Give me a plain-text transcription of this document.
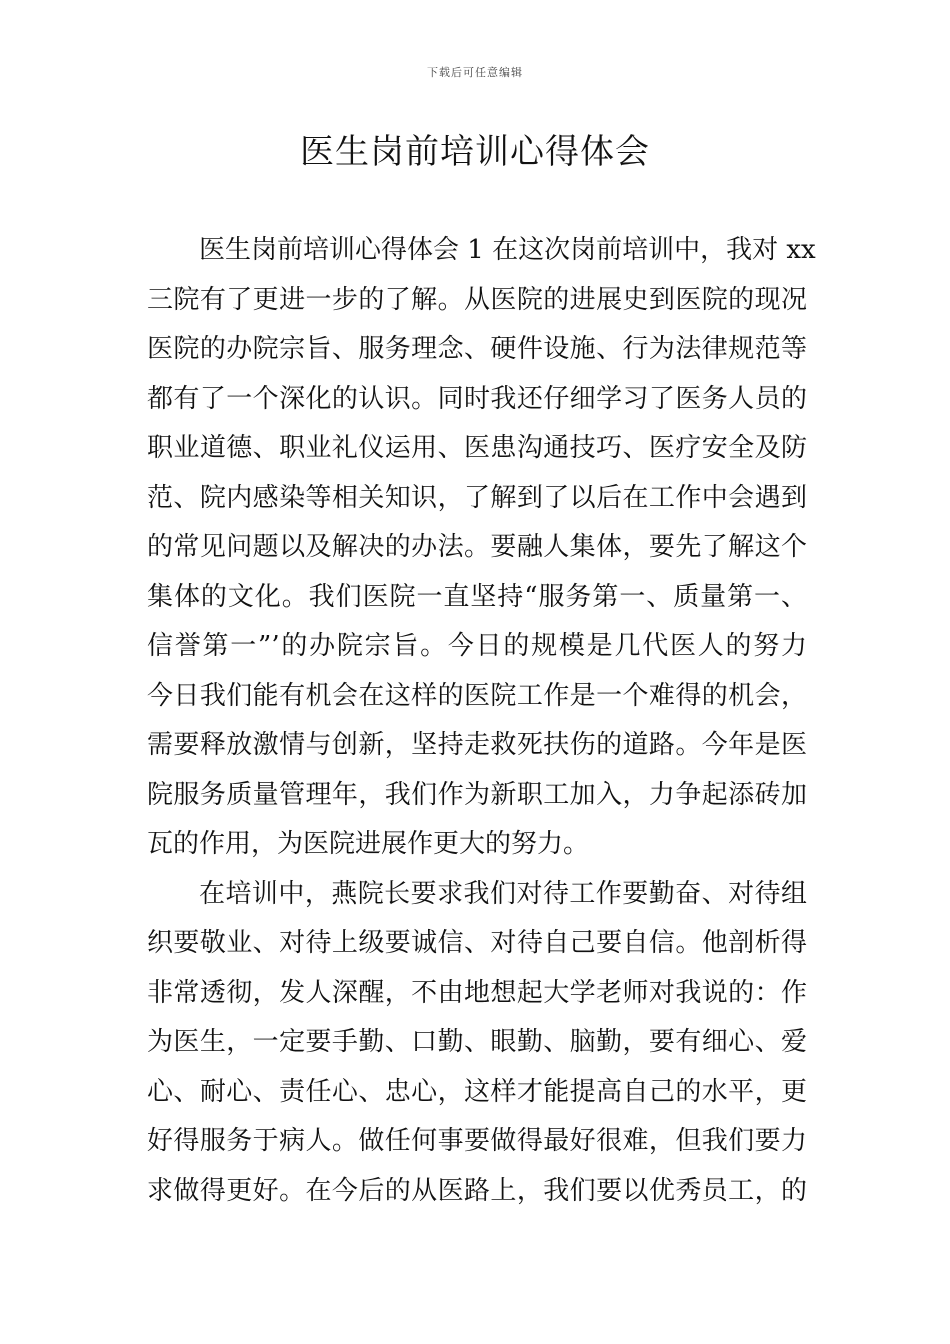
下载后可任意编辑
医生岗前培训心得体会
医生岗前培训心得体会 1 在这次岗前培训中，我对 xx
三院有了更进一步的了解。从医院的进展史到医院的现况
医院的办院宗旨、服务理念、硬件设施、行为法律规范等
都有了一个深化的认识。同时我还仔细学习了医务人员的
职业道德、职业礼仪运用、医患沟通技巧、医疗安全及防
范、院内感染等相关知识，了解到了以后在工作中会遇到
的常见问题以及解决的办法。要融人集体，要先了解这个
集体的文化。我们医院一直坚持“服务第一、质量第一、
信誉第一”’的办院宗旨。今日的规模是几代医人的努力
今日我们能有机会在这样的医院工作是一个难得的机会，
需要释放激情与创新，坚持走救死扶伤的道路。今年是医
院服务质量管理年，我们作为新职工加入，力争起添砖加
瓦的作用，为医院进展作更大的努力。
在培训中，燕院长要求我们对待工作要勤奋、对待组
织要敬业、对待上级要诚信、对待自己要自信。他剖析得
非常透彻，发人深醒，不由地想起大学老师对我说的：作
为医生，一定要手勤、口勤、眼勤、脑勤，要有细心、爱
心、耐心、责任心、忠心，这样才能提高自己的水平，更
好得服务于病人。做任何事要做得最好很难，但我们要力
求做得更好。在今后的从医路上，我们要以优秀员工，的
